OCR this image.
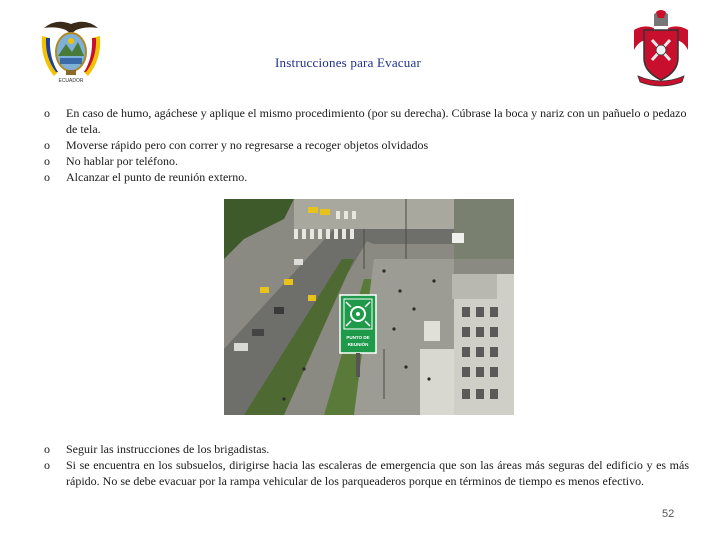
ECUADOR
Instrucciones para Evacuar
o En caso de humo, agáchese y aplique el mismo procedimiento (por su derecha). Cúbrase la boca y nariz con un pañuelo o pedazo de tela.
o Moverse rápido pero con correr y no regresarse a recoger objetos olvidados
o No hablar por teléfono.
o Alcanzar el punto de reunión externo.
PUNTO DE
REUNIÓN
o Seguir las instrucciones de los brigadistas.
o Si se encuentra en los subsuelos, dirigirse hacia las escaleras de emergencia que son las áreas más seguras del edificio y es más rápido. No se debe evacuar por la rampa vehicular de los parqueaderos porque en términos de tiempo es menos efectivo.
52
